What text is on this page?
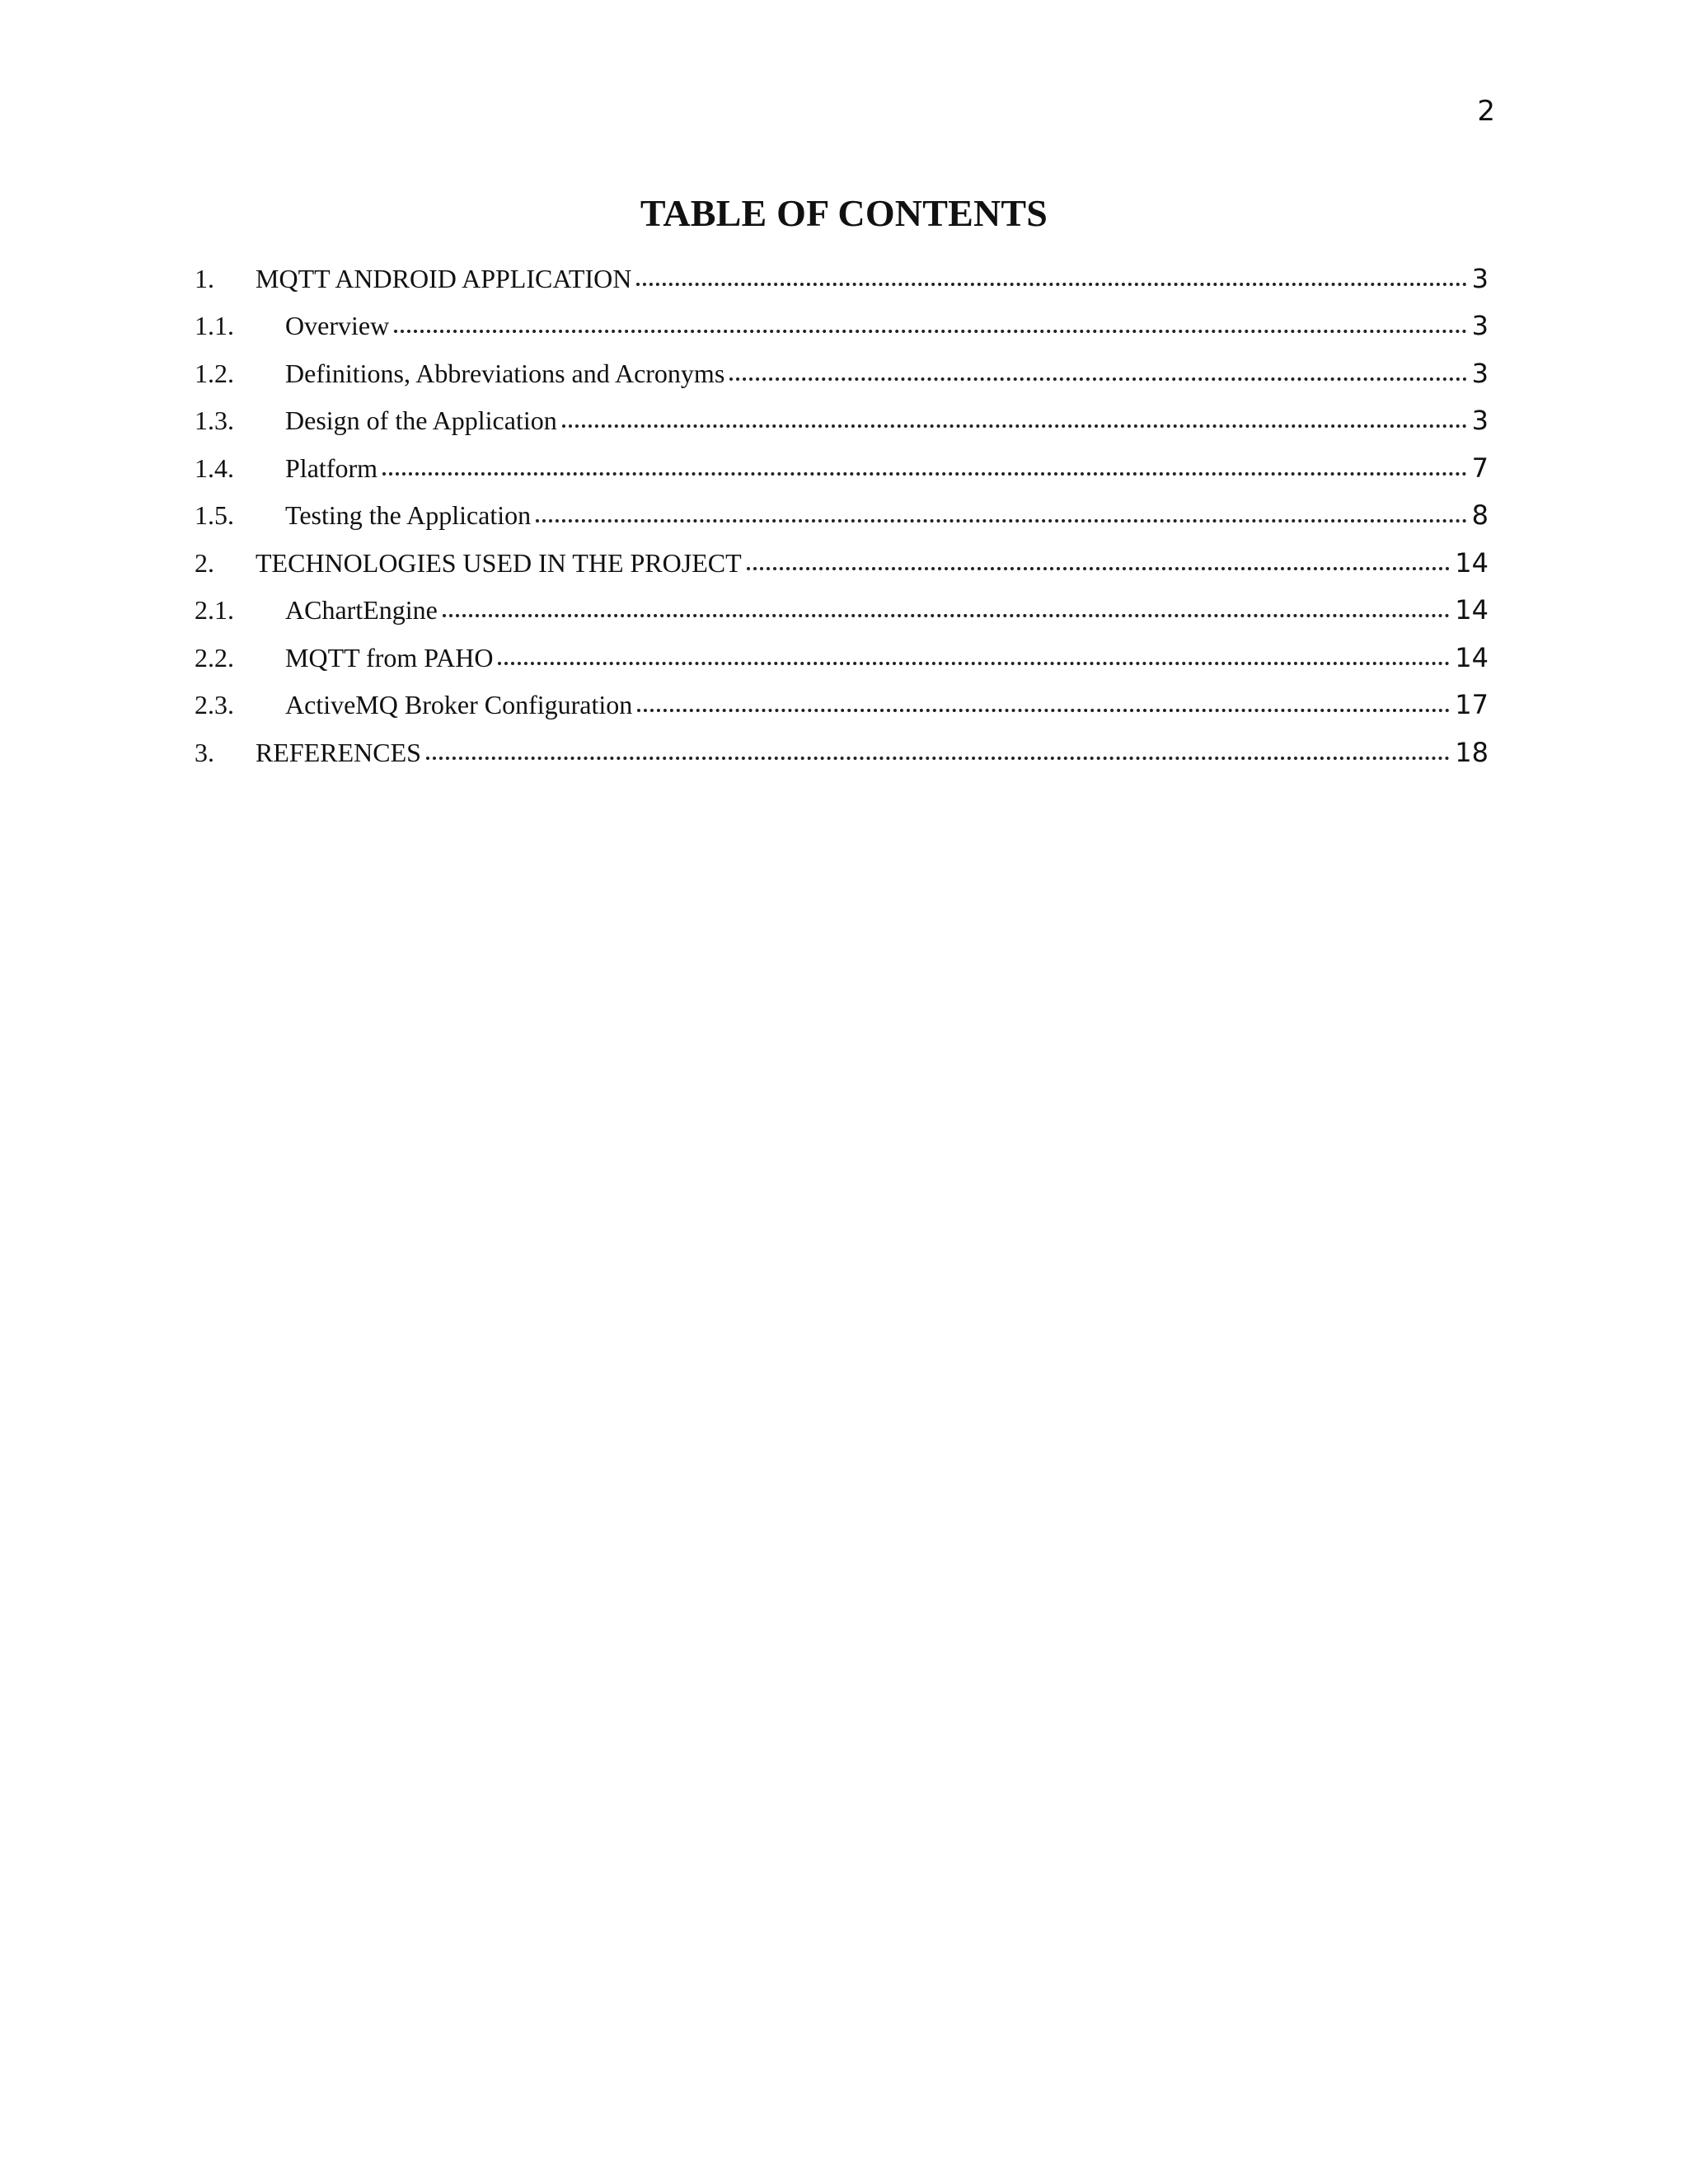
2
TABLE OF CONTENTS
1.	MQTT ANDROID APPLICATION	3
1.1.	Overview	3
1.2.	Definitions, Abbreviations and Acronyms	3
1.3.	Design of the Application	3
1.4.	Platform	7
1.5.	Testing the Application	8
2.	TECHNOLOGIES USED IN THE PROJECT	14
2.1.	AChartEngine	14
2.2.	MQTT from PAHO	14
2.3.	ActiveMQ Broker Configuration	17
3.	REFERENCES	18
